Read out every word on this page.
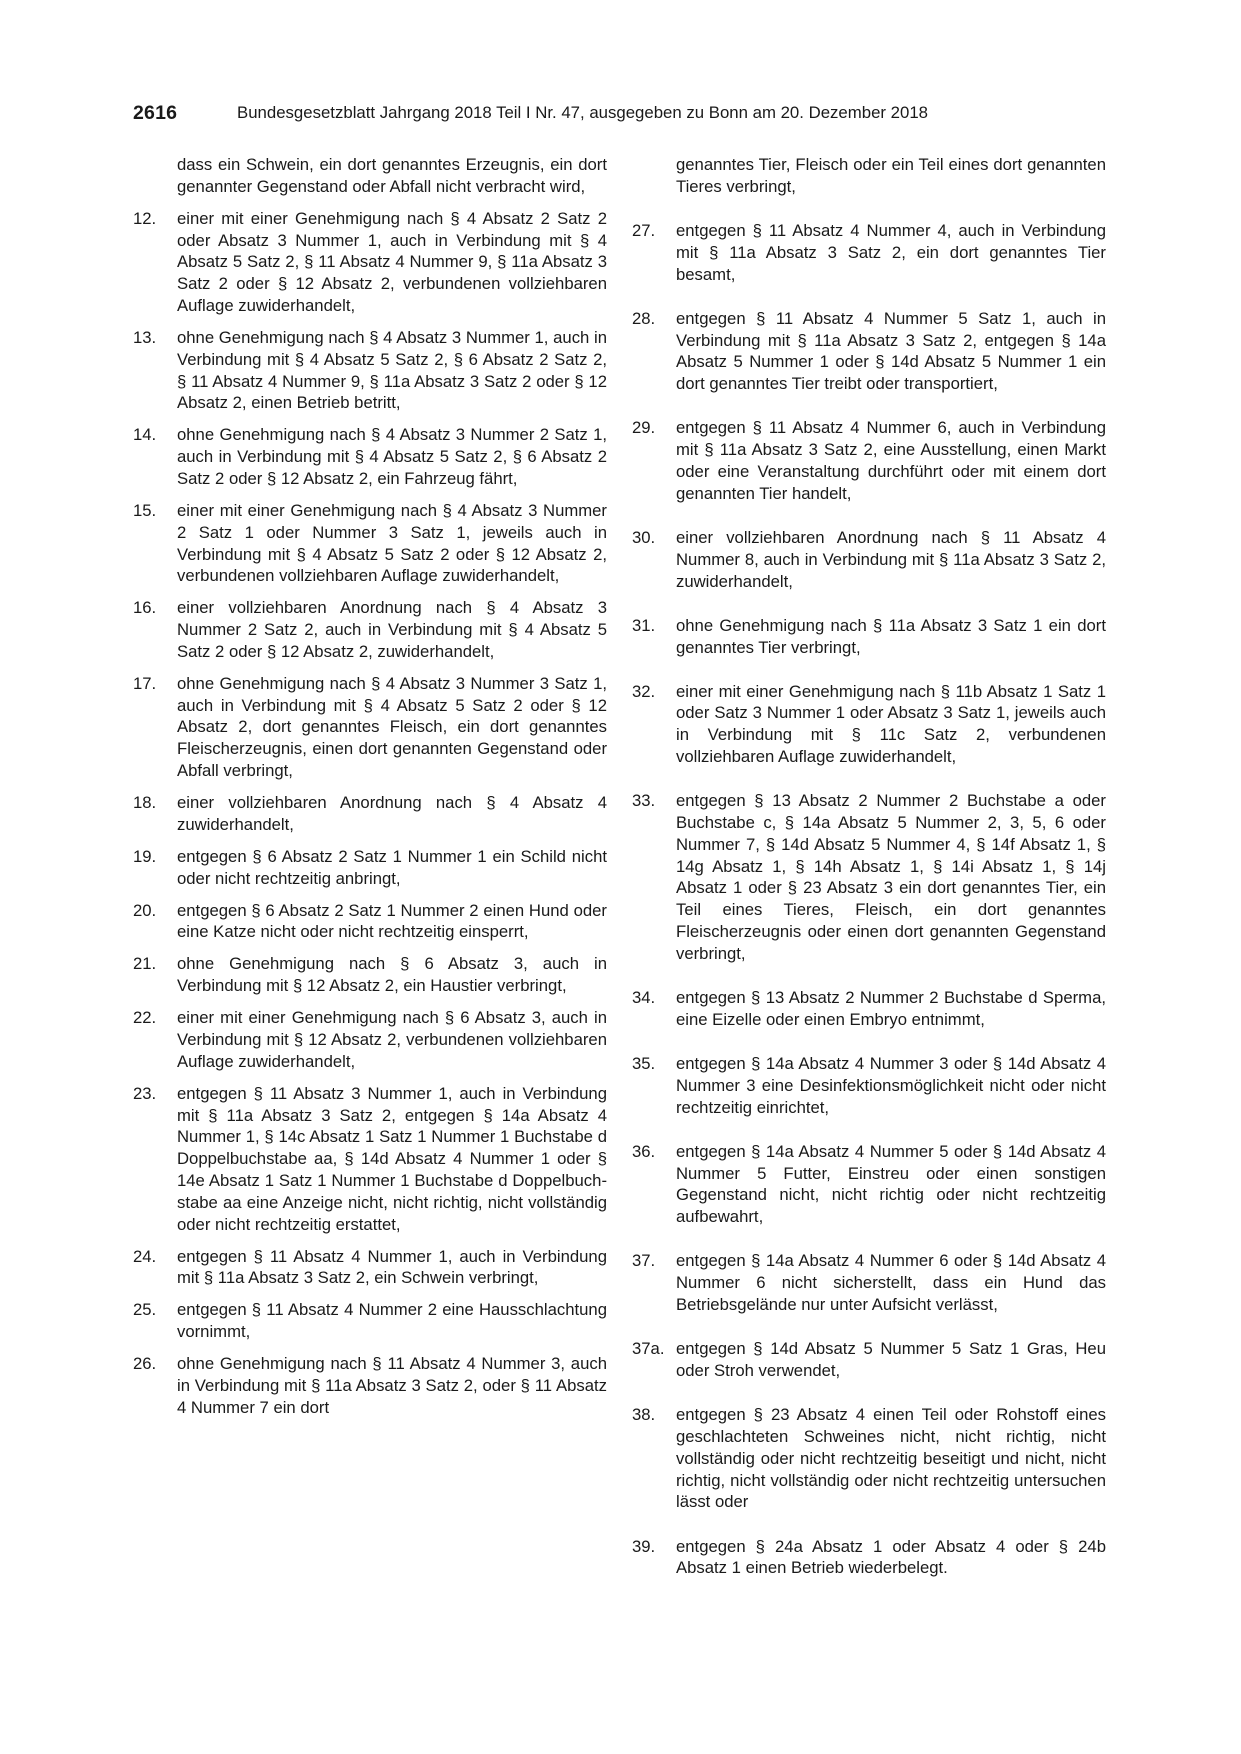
2616	Bundesgesetzblatt Jahrgang 2018 Teil I Nr. 47, ausgegeben zu Bonn am 20. Dezember 2018
dass ein Schwein, ein dort genanntes Erzeugnis, ein dort genannter Gegenstand oder Abfall nicht verbracht wird,
12. einer mit einer Genehmigung nach § 4 Absatz 2 Satz 2 oder Absatz 3 Nummer 1, auch in Verbindung mit § 4 Absatz 5 Satz 2, § 11 Absatz 4 Nummer 9, § 11a Absatz 3 Satz 2 oder § 12 Absatz 2, verbundenen vollziehbaren Auflage zuwiderhandelt,
13. ohne Genehmigung nach § 4 Absatz 3 Nummer 1, auch in Verbindung mit § 4 Absatz 5 Satz 2, § 6 Absatz 2 Satz 2, § 11 Absatz 4 Nummer 9, § 11a Absatz 3 Satz 2 oder § 12 Absatz 2, einen Betrieb betritt,
14. ohne Genehmigung nach § 4 Absatz 3 Nummer 2 Satz 1, auch in Verbindung mit § 4 Absatz 5 Satz 2, § 6 Absatz 2 Satz 2 oder § 12 Absatz 2, ein Fahrzeug fährt,
15. einer mit einer Genehmigung nach § 4 Absatz 3 Nummer 2 Satz 1 oder Nummer 3 Satz 1, jeweils auch in Verbindung mit § 4 Absatz 5 Satz 2 oder § 12 Absatz 2, verbundenen vollziehbaren Auflage zuwiderhandelt,
16. einer vollziehbaren Anordnung nach § 4 Absatz 3 Nummer 2 Satz 2, auch in Verbindung mit § 4 Absatz 5 Satz 2 oder § 12 Absatz 2, zuwiderhandelt,
17. ohne Genehmigung nach § 4 Absatz 3 Nummer 3 Satz 1, auch in Verbindung mit § 4 Absatz 5 Satz 2 oder § 12 Absatz 2, dort genanntes Fleisch, ein dort genanntes Fleischerzeugnis, einen dort genannten Gegenstand oder Abfall verbringt,
18. einer vollziehbaren Anordnung nach § 4 Absatz 4 zuwiderhandelt,
19. entgegen § 6 Absatz 2 Satz 1 Nummer 1 ein Schild nicht oder nicht rechtzeitig anbringt,
20. entgegen § 6 Absatz 2 Satz 1 Nummer 2 einen Hund oder eine Katze nicht oder nicht rechtzeitig einsperrt,
21. ohne Genehmigung nach § 6 Absatz 3, auch in Verbindung mit § 12 Absatz 2, ein Haustier verbringt,
22. einer mit einer Genehmigung nach § 6 Absatz 3, auch in Verbindung mit § 12 Absatz 2, verbundenen vollziehbaren Auflage zuwiderhandelt,
23. entgegen § 11 Absatz 3 Nummer 1, auch in Verbindung mit § 11a Absatz 3 Satz 2, entgegen § 14a Absatz 4 Nummer 1, § 14c Absatz 1 Satz 1 Nummer 1 Buchstabe d Doppelbuchstabe aa, § 14d Absatz 4 Nummer 1 oder § 14e Absatz 1 Satz 1 Nummer 1 Buchstabe d Doppelbuchstabe aa eine Anzeige nicht, nicht richtig, nicht vollständig oder nicht rechtzeitig erstattet,
24. entgegen § 11 Absatz 4 Nummer 1, auch in Verbindung mit § 11a Absatz 3 Satz 2, ein Schwein verbringt,
25. entgegen § 11 Absatz 4 Nummer 2 eine Hausschlachtung vornimmt,
26. ohne Genehmigung nach § 11 Absatz 4 Nummer 3, auch in Verbindung mit § 11a Absatz 3 Satz 2, oder § 11 Absatz 4 Nummer 7 ein dort
genanntes Tier, Fleisch oder ein Teil eines dort genannten Tieres verbringt,
27. entgegen § 11 Absatz 4 Nummer 4, auch in Verbindung mit § 11a Absatz 3 Satz 2, ein dort genanntes Tier besamt,
28. entgegen § 11 Absatz 4 Nummer 5 Satz 1, auch in Verbindung mit § 11a Absatz 3 Satz 2, entgegen § 14a Absatz 5 Nummer 1 oder § 14d Absatz 5 Nummer 1 ein dort genanntes Tier treibt oder transportiert,
29. entgegen § 11 Absatz 4 Nummer 6, auch in Verbindung mit § 11a Absatz 3 Satz 2, eine Ausstellung, einen Markt oder eine Veranstaltung durchführt oder mit einem dort genannten Tier handelt,
30. einer vollziehbaren Anordnung nach § 11 Absatz 4 Nummer 8, auch in Verbindung mit § 11a Absatz 3 Satz 2, zuwiderhandelt,
31. ohne Genehmigung nach § 11a Absatz 3 Satz 1 ein dort genanntes Tier verbringt,
32. einer mit einer Genehmigung nach § 11b Absatz 1 Satz 1 oder Satz 3 Nummer 1 oder Absatz 3 Satz 1, jeweils auch in Verbindung mit § 11c Satz 2, verbundenen vollziehbaren Auflage zuwiderhandelt,
33. entgegen § 13 Absatz 2 Nummer 2 Buchstabe a oder Buchstabe c, § 14a Absatz 5 Nummer 2, 3, 5, 6 oder Nummer 7, § 14d Absatz 5 Nummer 4, § 14f Absatz 1, § 14g Absatz 1, § 14h Absatz 1, § 14i Absatz 1, § 14j Absatz 1 oder § 23 Absatz 3 ein dort genanntes Tier, ein Teil eines Tieres, Fleisch, ein dort genanntes Fleischerzeugnis oder einen dort genannten Gegenstand verbringt,
34. entgegen § 13 Absatz 2 Nummer 2 Buchstabe d Sperma, eine Eizelle oder einen Embryo entnimmt,
35. entgegen § 14a Absatz 4 Nummer 3 oder § 14d Absatz 4 Nummer 3 eine Desinfektionsmöglichkeit nicht oder nicht rechtzeitig einrichtet,
36. entgegen § 14a Absatz 4 Nummer 5 oder § 14d Absatz 4 Nummer 5 Futter, Einstreu oder einen sonstigen Gegenstand nicht, nicht richtig oder nicht rechtzeitig aufbewahrt,
37. entgegen § 14a Absatz 4 Nummer 6 oder § 14d Absatz 4 Nummer 6 nicht sicherstellt, dass ein Hund das Betriebsgelände nur unter Aufsicht verlässt,
37a. entgegen § 14d Absatz 5 Nummer 5 Satz 1 Gras, Heu oder Stroh verwendet,
38. entgegen § 23 Absatz 4 einen Teil oder Rohstoff eines geschlachteten Schweines nicht, nicht richtig, nicht vollständig oder nicht rechtzeitig beseitigt und nicht, nicht richtig, nicht vollständig oder nicht rechtzeitig untersuchen lässt oder
39. entgegen § 24a Absatz 1 oder Absatz 4 oder § 24b Absatz 1 einen Betrieb wiederbelegt.
